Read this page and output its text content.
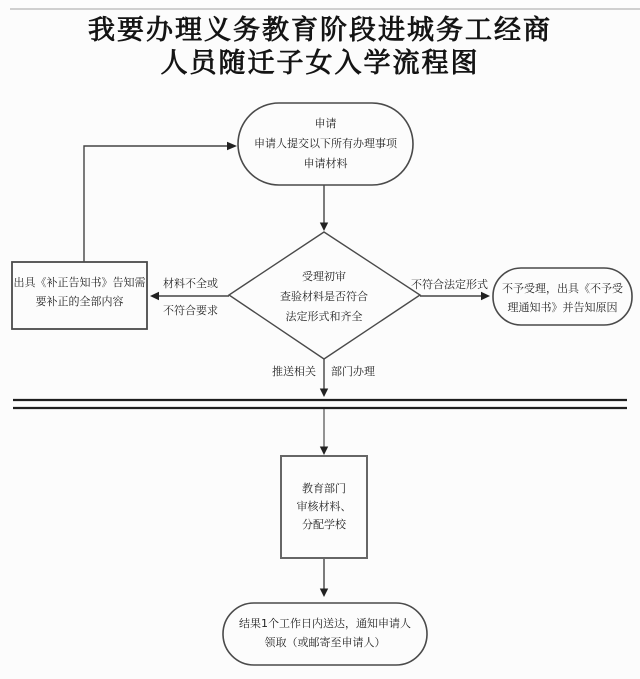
我要办理义务教育阶段进城务工经商
人员随迁子女入学流程图
申请
申请人提交以下所有办理事项
申请材料
受理初审
查验材料是否符合
法定形式和齐全
出具《补正告知书》告知需
要补正的全部内容
不予受理，出具《不予受
理通知书》并告知原因
教育部门
审核材料、
分配学校
结果1个工作日内送达，通知申请人
领取（或邮寄至申请人）
材料不全或
不符合要求
不符合法定形式
推送相关 部门办理
